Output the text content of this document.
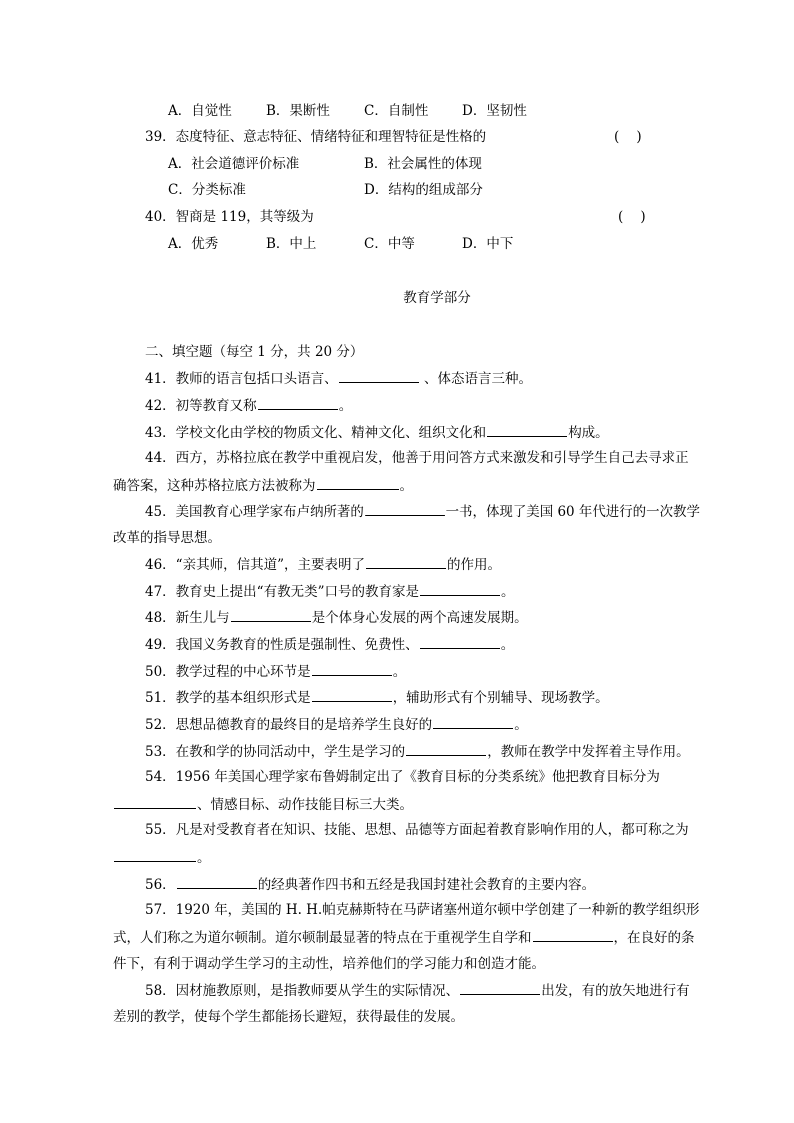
A．自觉性	B．果断性	C．自制性 D．坚韧性
39．态度特征、意志特征、情绪特征和理智特征是性格的	(    )
A．社会道德评价标准	B．社会属性的体现
C．分类标准	D．结构的组成部分
40．智商是 119，其等级为	(    )
A．优秀	B．中上	C．中等	D．中下
教育学部分
二、填空题（每空 1 分，共 20 分）
41．教师的语言包括口头语言、	、体态语言三种。
42．初等教育又称	。
43．学校文化由学校的物质文化、精神文化、组织文化和	构成。
44．西方，苏格拉底在教学中重视启发，他善于用问答方式来激发和引导学生自己去寻求正
确答案，这种苏格拉底方法被称为	。
45．美国教育心理学家布卢纳所著的	一书，体现了美国 60 年代进行的一次教学
改革的指导思想。
46．“亲其师，信其道”，主要表明了	的作用。
47．教育史上提出“有教无类”口号的教育家是	。
48．新生儿与	是个体身心发展的两个高速发展期。
49．我国义务教育的性质是强制性、免费性、	。
50．教学过程的中心环节是	。
51．教学的基本组织形式是	，辅助形式有个别辅导、现场教学。
52．思想品德教育的最终目的是培养学生良好的	。
53．在教和学的协同活动中，学生是学习的	，教师在教学中发挥着主导作用。
54．1956 年美国心理学家布鲁姆制定出了《教育目标的分类系统》他把教育目标分为
、情感目标、动作技能目标三大类。
55．凡是对受教育者在知识、技能、思想、品德等方面起着教育影响作用的人，都可称之为
。
56．	的经典著作四书和五经是我国封建社会教育的主要内容。
57．1920 年，美国的 H. H.帕克赫斯特在马萨诸塞州道尔顿中学创建了一种新的教学组织形
式，人们称之为道尔顿制。道尔顿制最显著的特点在于重视学生自学和	，在良好的条
件下，有利于调动学生学习的主动性，培养他们的学习能力和创造才能。
58．因材施教原则，是指教师要从学生的实际情况、	出发，有的放矢地进行有
差别的教学，使每个学生都能扬长避短，获得最佳的发展。
